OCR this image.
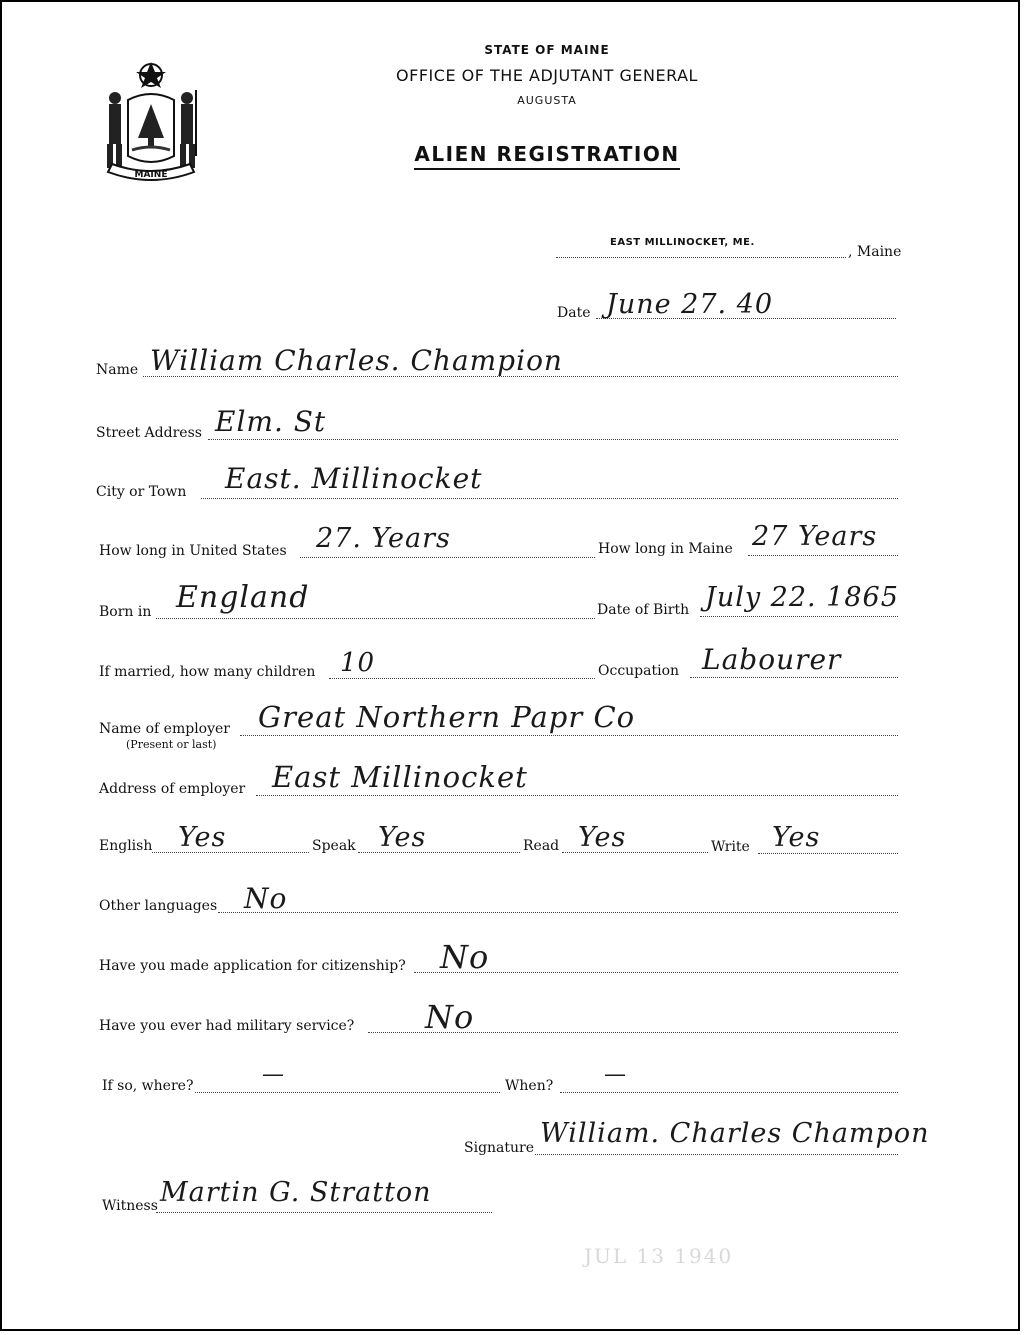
MAINE
STATE OF MAINE
OFFICE OF THE ADJUTANT GENERAL
AUGUSTA
ALIEN REGISTRATION
EAST MILLINOCKET, ME.
, Maine
Date June 27. 40
Name William Charles. Champion
Street Address Elm. St
City or Town East. Millinocket
How long in United States 27. Years	How long in Maine 27 Years
Born in England	Date of Birth July 22. 1865
If married, how many children 10	Occupation Labourer
Name of employer
(Present or last)
Great Northern Papr Co
Address of employer East Millinocket
English Yes	Speak Yes	Read Yes	Write Yes
Other languages No
Have you made application for citizenship? No
Have you ever had military service? No
If so, where?	—	When? —
Signature William. Charles Champon
Witness Martin G. Stratton
JUL 13 1940
